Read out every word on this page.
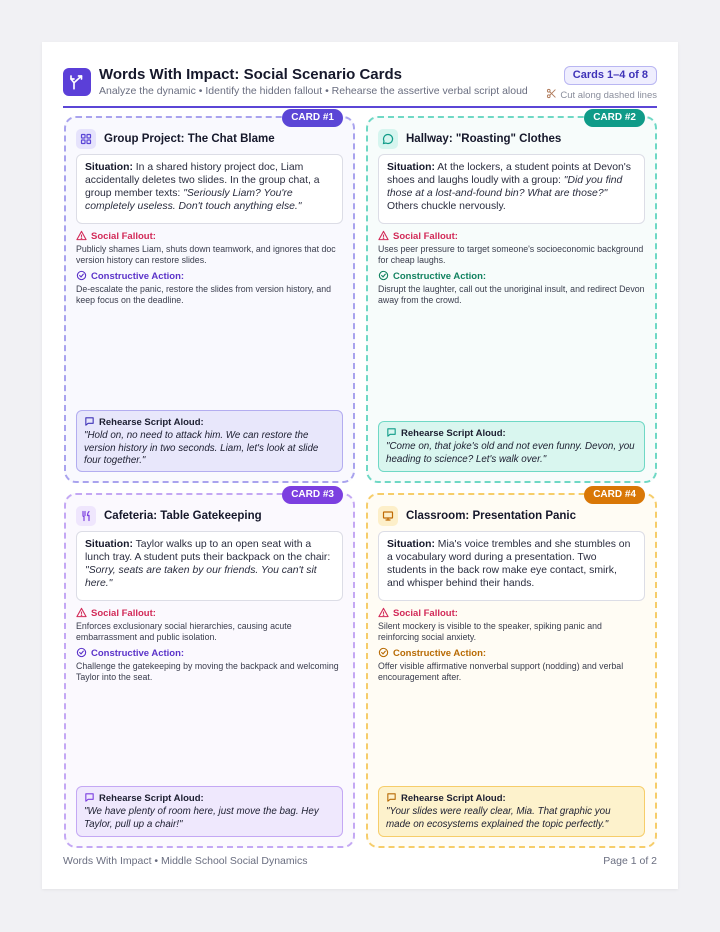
Words With Impact: Social Scenario Cards
Analyze the dynamic • Identify the hidden fallout • Rehearse the assertive verbal script aloud
Cards 1–4 of 8
Cut along dashed lines
CARD #1
Group Project: The Chat Blame
Situation: In a shared history project doc, Liam accidentally deletes two slides. In the group chat, a group member texts: "Seriously Liam? You're completely useless. Don't touch anything else."
Social Fallout:
Publicly shames Liam, shuts down teamwork, and ignores that doc version history can restore slides.
Constructive Action:
De-escalate the panic, restore the slides from version history, and keep focus on the deadline.
Rehearse Script Aloud:
"Hold on, no need to attack him. We can restore the version history in two seconds. Liam, let's look at slide four together."
CARD #2
Hallway: "Roasting" Clothes
Situation: At the lockers, a student points at Devon's shoes and laughs loudly with a group: "Did you find those at a lost-and-found bin? What are those?" Others chuckle nervously.
Social Fallout:
Uses peer pressure to target someone's socioeconomic background for cheap laughs.
Constructive Action:
Disrupt the laughter, call out the unoriginal insult, and redirect Devon away from the crowd.
Rehearse Script Aloud:
"Come on, that joke's old and not even funny. Devon, you heading to science? Let's walk over."
CARD #3
Cafeteria: Table Gatekeeping
Situation: Taylor walks up to an open seat with a lunch tray. A student puts their backpack on the chair: "Sorry, seats are taken by our friends. You can't sit here."
Social Fallout:
Enforces exclusionary social hierarchies, causing acute embarrassment and public isolation.
Constructive Action:
Challenge the gatekeeping by moving the backpack and welcoming Taylor into the seat.
Rehearse Script Aloud:
"We have plenty of room here, just move the bag. Hey Taylor, pull up a chair!"
CARD #4
Classroom: Presentation Panic
Situation: Mia's voice trembles and she stumbles on a vocabulary word during a presentation. Two students in the back row make eye contact, smirk, and whisper behind their hands.
Social Fallout:
Silent mockery is visible to the speaker, spiking panic and reinforcing social anxiety.
Constructive Action:
Offer visible affirmative nonverbal support (nodding) and verbal encouragement after.
Rehearse Script Aloud:
"Your slides were really clear, Mia. That graphic you made on ecosystems explained the topic perfectly."
Words With Impact • Middle School Social Dynamics	Page 1 of 2
